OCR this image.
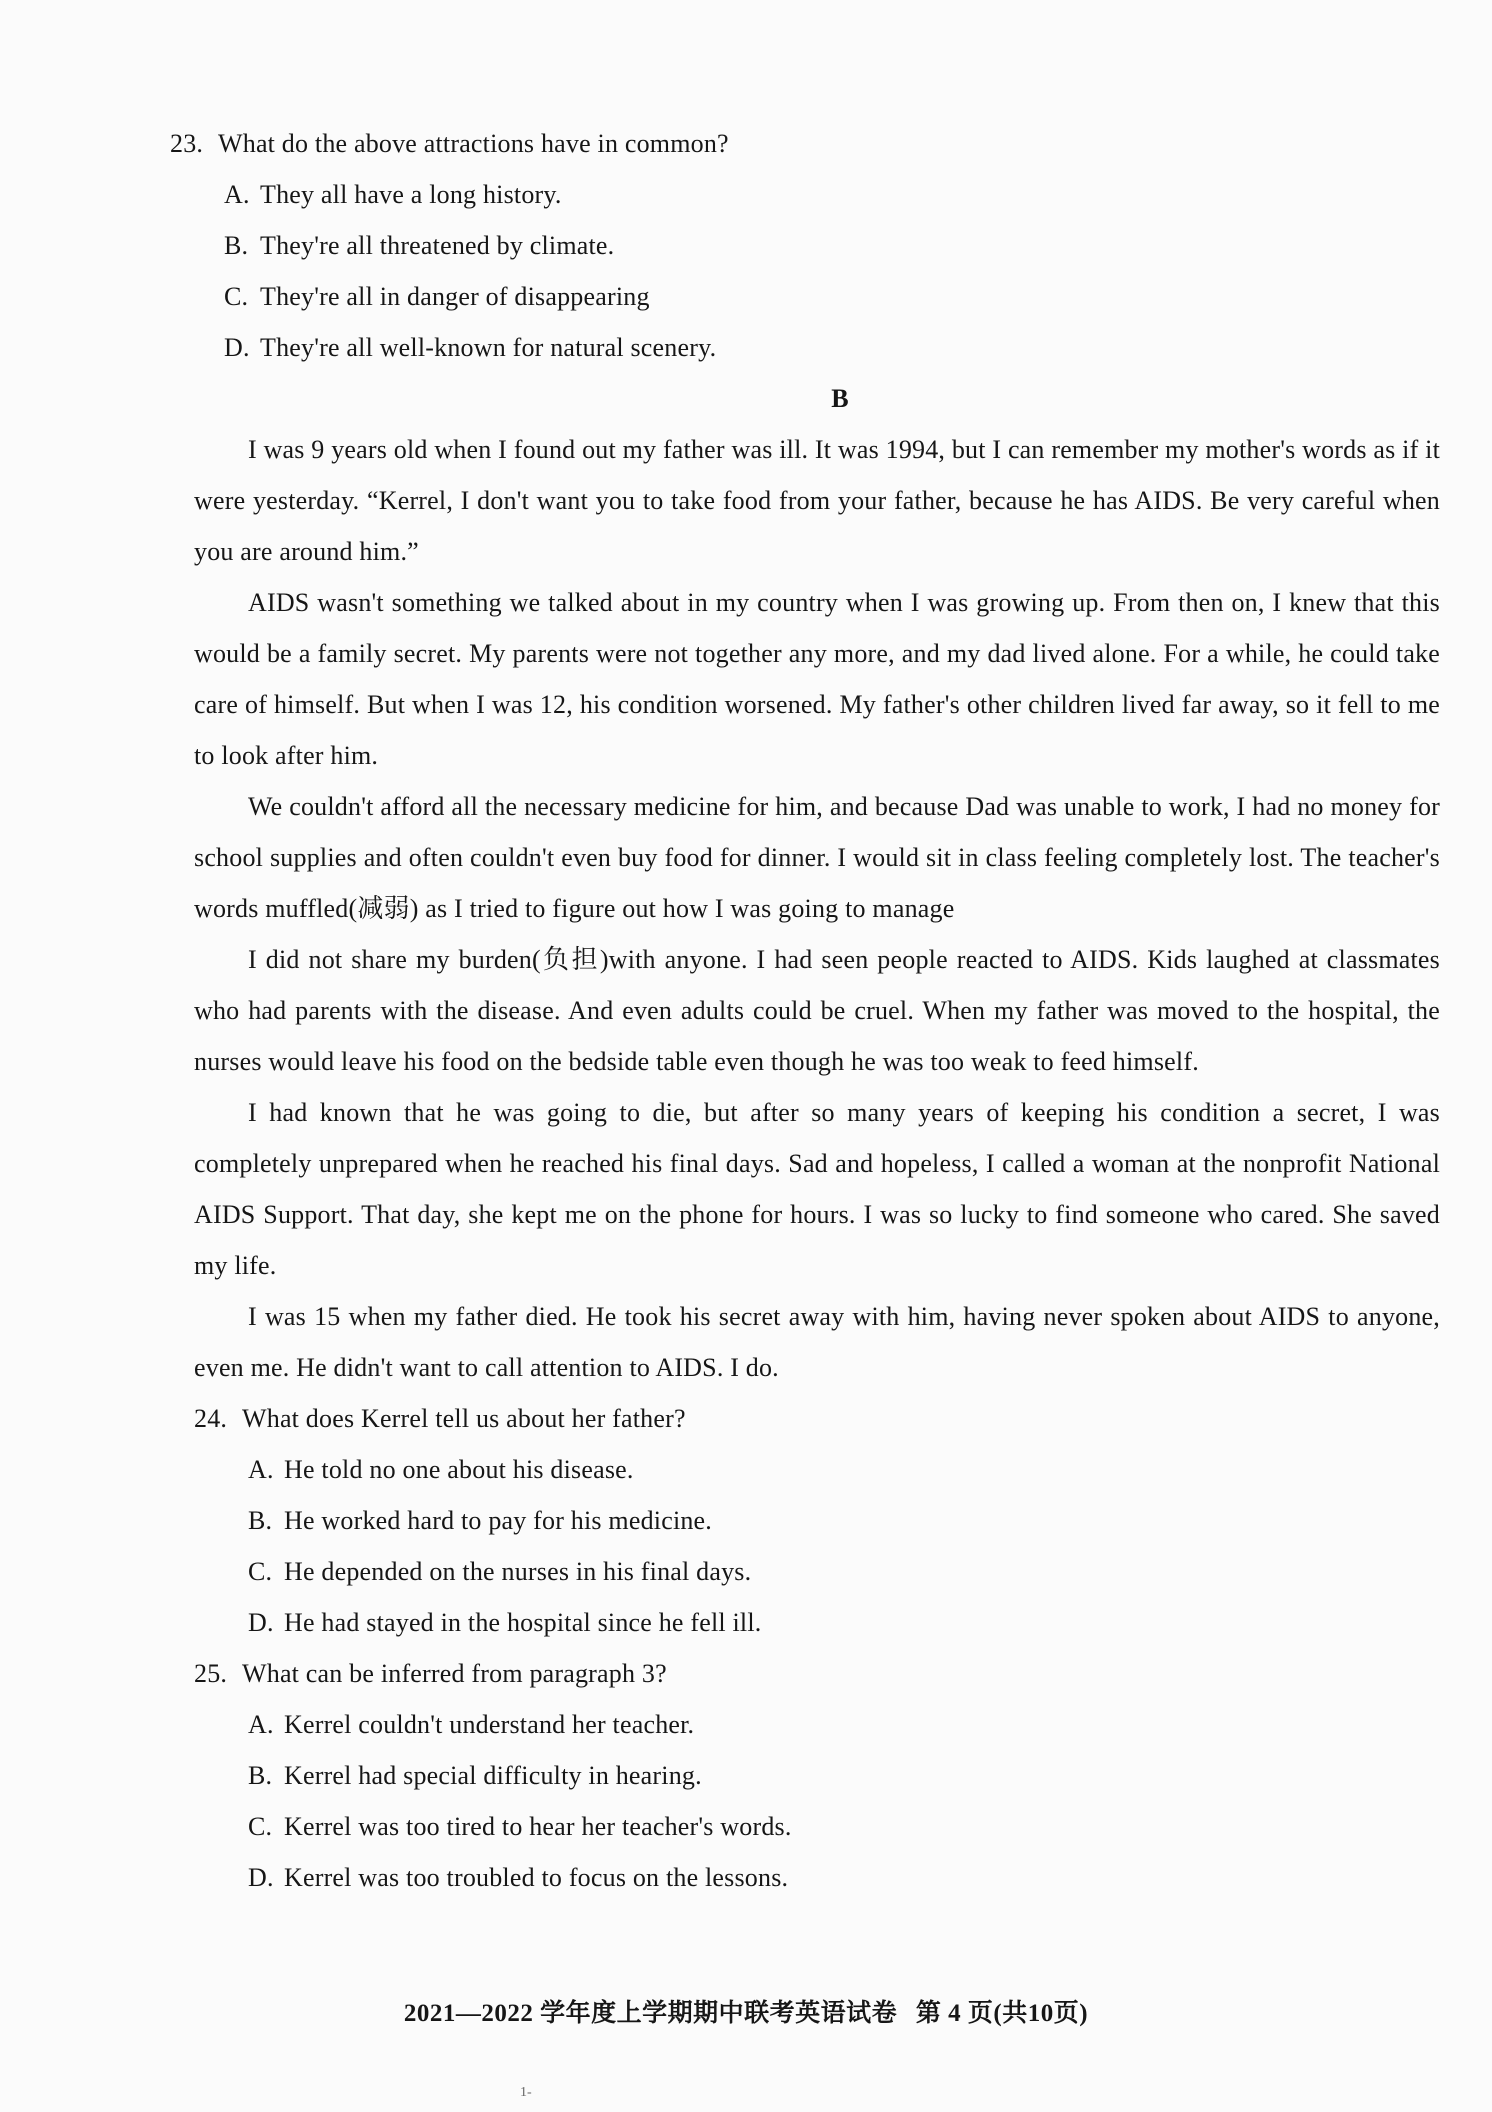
23. What do the above attractions have in common?

A. They all have a long history.

B. They're all threatened by climate.

C. They're all in danger of disappearing

D. They're all well-known for natural scenery.

B

I was 9 years old when I found out my father was ill. It was 1994, but I can remember my mother's words as if it were yesterday. “Kerrel, I don't want you to take food from your father, because he has AIDS. Be very careful when you are around him.”

AIDS wasn't something we talked about in my country when I was growing up. From then on, I knew that this would be a family secret. My parents were not together any more, and my dad lived alone. For a while, he could take care of himself. But when I was 12, his condition worsened. My father's other children lived far away, so it fell to me to look after him.

We couldn't afford all the necessary medicine for him, and because Dad was unable to work, I had no money for school supplies and often couldn't even buy food for dinner. I would sit in class feeling completely lost. The teacher's words muffled(减弱) as I tried to figure out how I was going to manage

I did not share my burden(负担)with anyone. I had seen people reacted to AIDS. Kids laughed at classmates who had parents with the disease. And even adults could be cruel. When my father was moved to the hospital, the nurses would leave his food on the bedside table even though he was too weak to feed himself.

I had known that he was going to die, but after so many years of keeping his condition a secret, I was completely unprepared when he reached his final days. Sad and hopeless, I called a woman at the nonprofit National AIDS Support. That day, she kept me on the phone for hours. I was so lucky to find someone who cared. She saved my life.

I was 15 when my father died. He took his secret away with him, having never spoken about AIDS to anyone, even me. He didn't want to call attention to AIDS. I do.

24. What does Kerrel tell us about her father?

A. He told no one about his disease.

B. He worked hard to pay for his medicine.

C. He depended on the nurses in his final days.

D. He had stayed in the hospital since he fell ill.

25. What can be inferred from paragraph 3?

A. Kerrel couldn't understand her teacher.

B. Kerrel had special difficulty in hearing.

C. Kerrel was too tired to hear her teacher's words.

D. Kerrel was too troubled to focus on the lessons.

2021—2022 学年度上学期期中联考英语试卷 第 4 页(共10页)
1-
